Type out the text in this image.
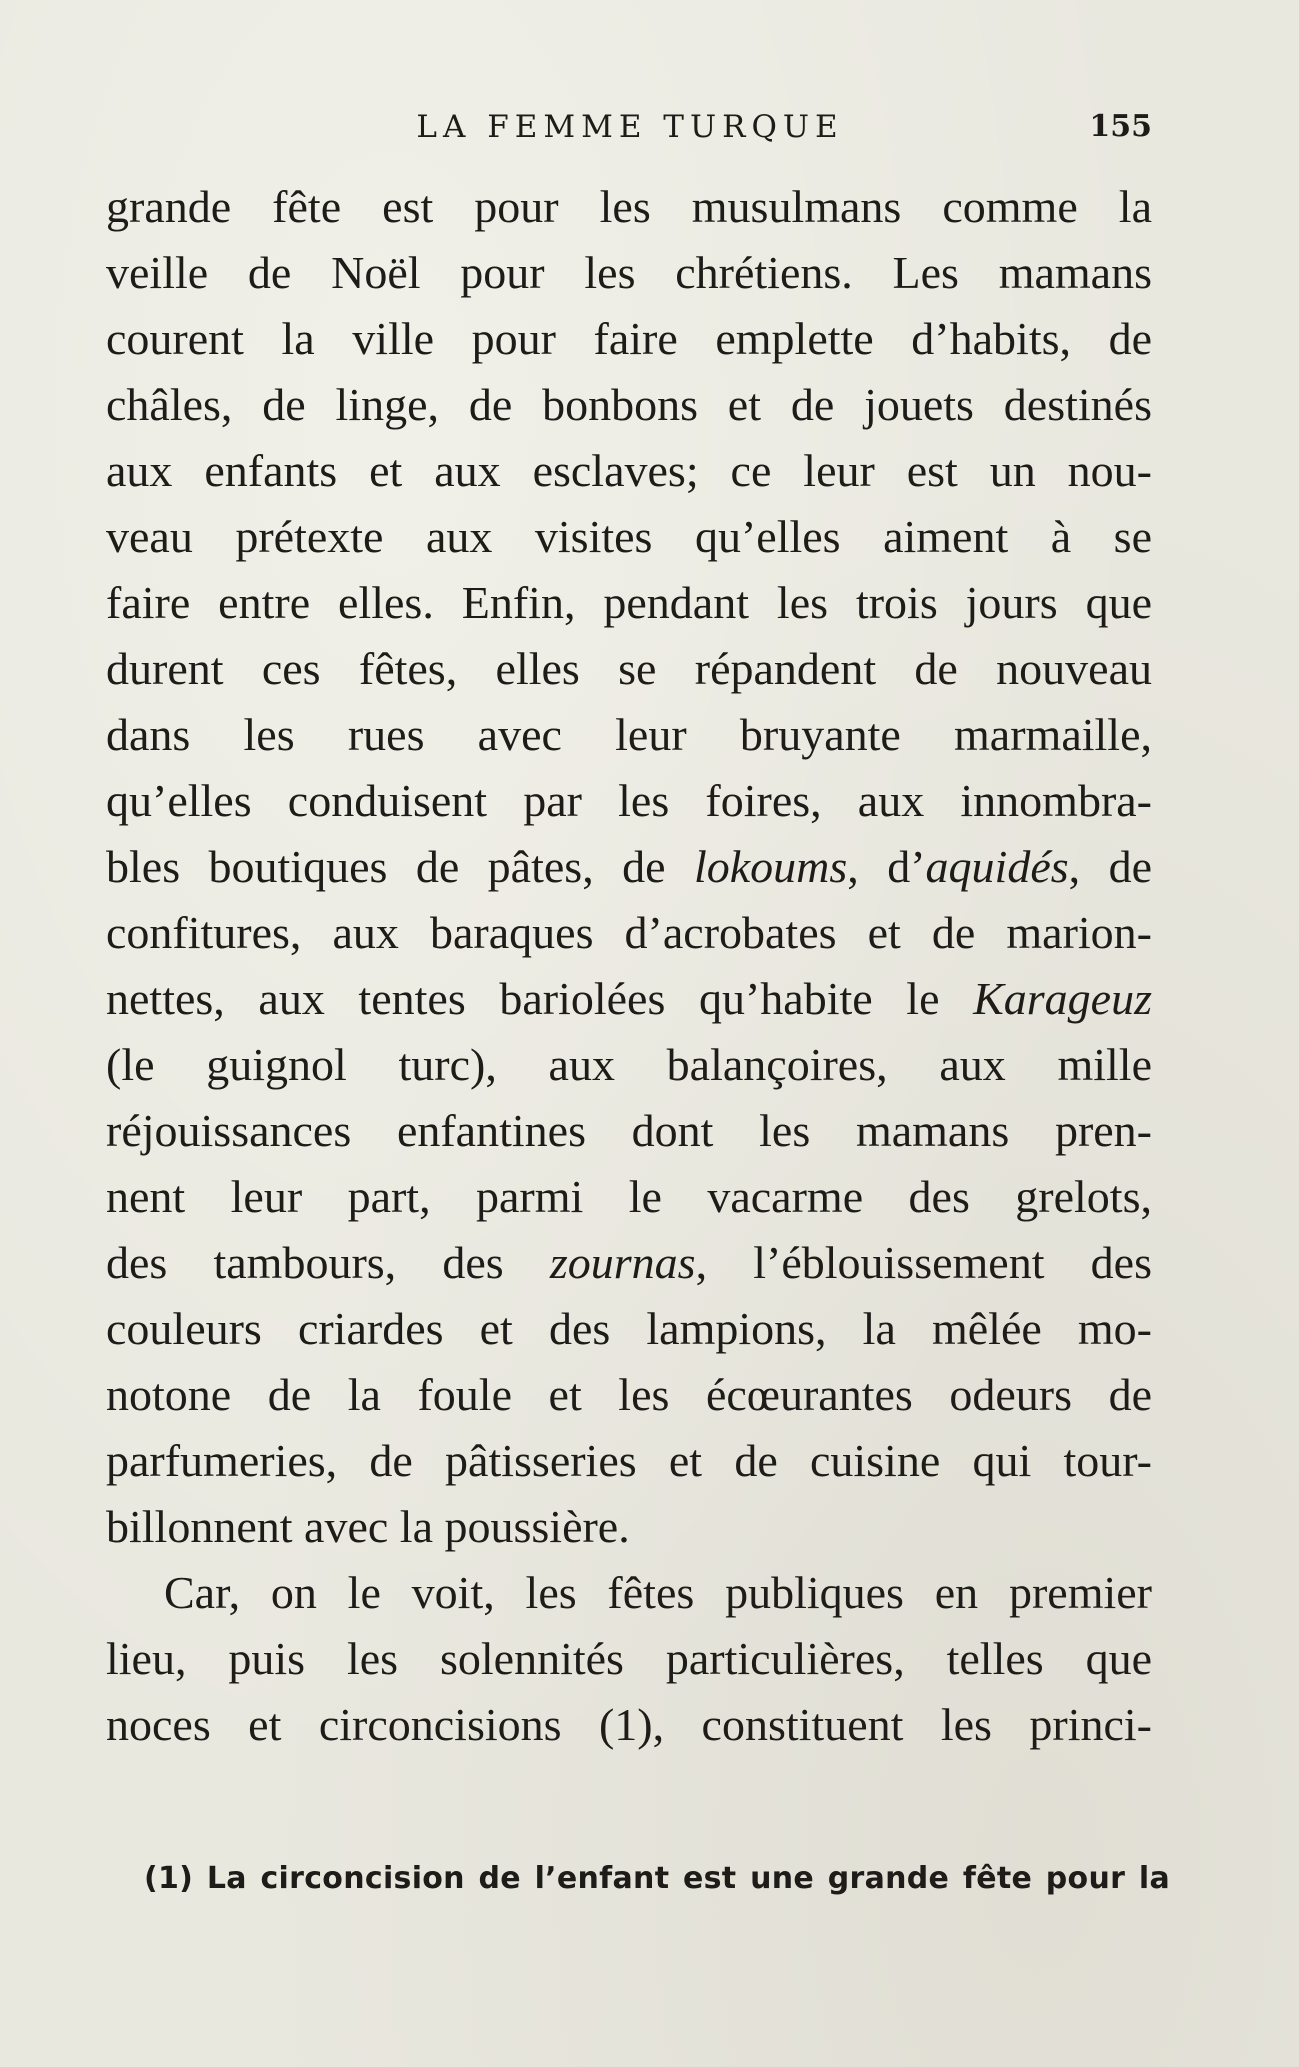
LA FEMME TURQUE	155
grande fête est pour les musulmans comme la
veille de Noël pour les chrétiens. Les mamans
courent la ville pour faire emplette d’habits, de
châles, de linge, de bonbons et de jouets destinés
aux enfants et aux esclaves; ce leur est un nou-
veau prétexte aux visites qu’elles aiment à se
faire entre elles. Enfin, pendant les trois jours que
durent ces fêtes, elles se répandent de nouveau
dans les rues avec leur bruyante marmaille,
qu’elles conduisent par les foires, aux innombra-
bles boutiques de pâtes, de lokoums, d’aquidés, de
confitures, aux baraques d’acrobates et de marion-
nettes, aux tentes bariolées qu’habite le Karageuz
(le guignol turc), aux balançoires, aux mille
réjouissances enfantines dont les mamans pren-
nent leur part, parmi le vacarme des grelots,
des tambours, des zournas, l’éblouissement des
couleurs criardes et des lampions, la mêlée mo-
notone de la foule et les écœurantes odeurs de
parfumeries, de pâtisseries et de cuisine qui tour-
billonnent avec la poussière.
Car, on le voit, les fêtes publiques en premier
lieu, puis les solennités particulières, telles que
noces et circoncisions (1), constituent les princi-
(1) La circoncision de l’enfant est une grande fête pour la
